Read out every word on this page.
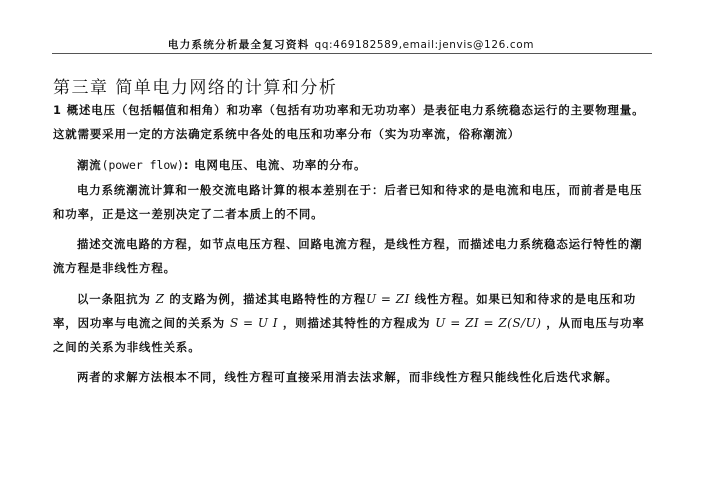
电力系统分析最全复习资料 qq:469182589,email:jenvis@126.com
第三章 简单电力网络的计算和分析

1 概述电压（包括幅值和相角）和功率（包括有功功率和无功功率）是表征电力系统稳态运行的主要物理量。这就需要采用一定的方法确定系统中各处的电压和功率分布（实为功率流，俗称潮流）

潮流(power flow): 电网电压、电流、功率的分布。

电力系统潮流计算和一般交流电路计算的根本差别在于：后者已知和待求的是电流和电压，而前者是电压和功率，正是这一差别决定了二者本质上的不同。

描述交流电路的方程，如节点电压方程、回路电流方程，是线性方程，而描述电力系统稳态运行特性的潮流方程是非线性方程。

以一条阻抗为 Z 的支路为例，描述其电路特性的方程U = ZI 线性方程。如果已知和待求的是电压和功率，因功率与电流之间的关系为 S = U I ，则描述其特性的方程成为 U = ZI = Z(S/U) ，从而电压与功率之间的关系为非线性关系。

两者的求解方法根本不同，线性方程可直接采用消去法求解，而非线性方程只能线性化后迭代求解。
